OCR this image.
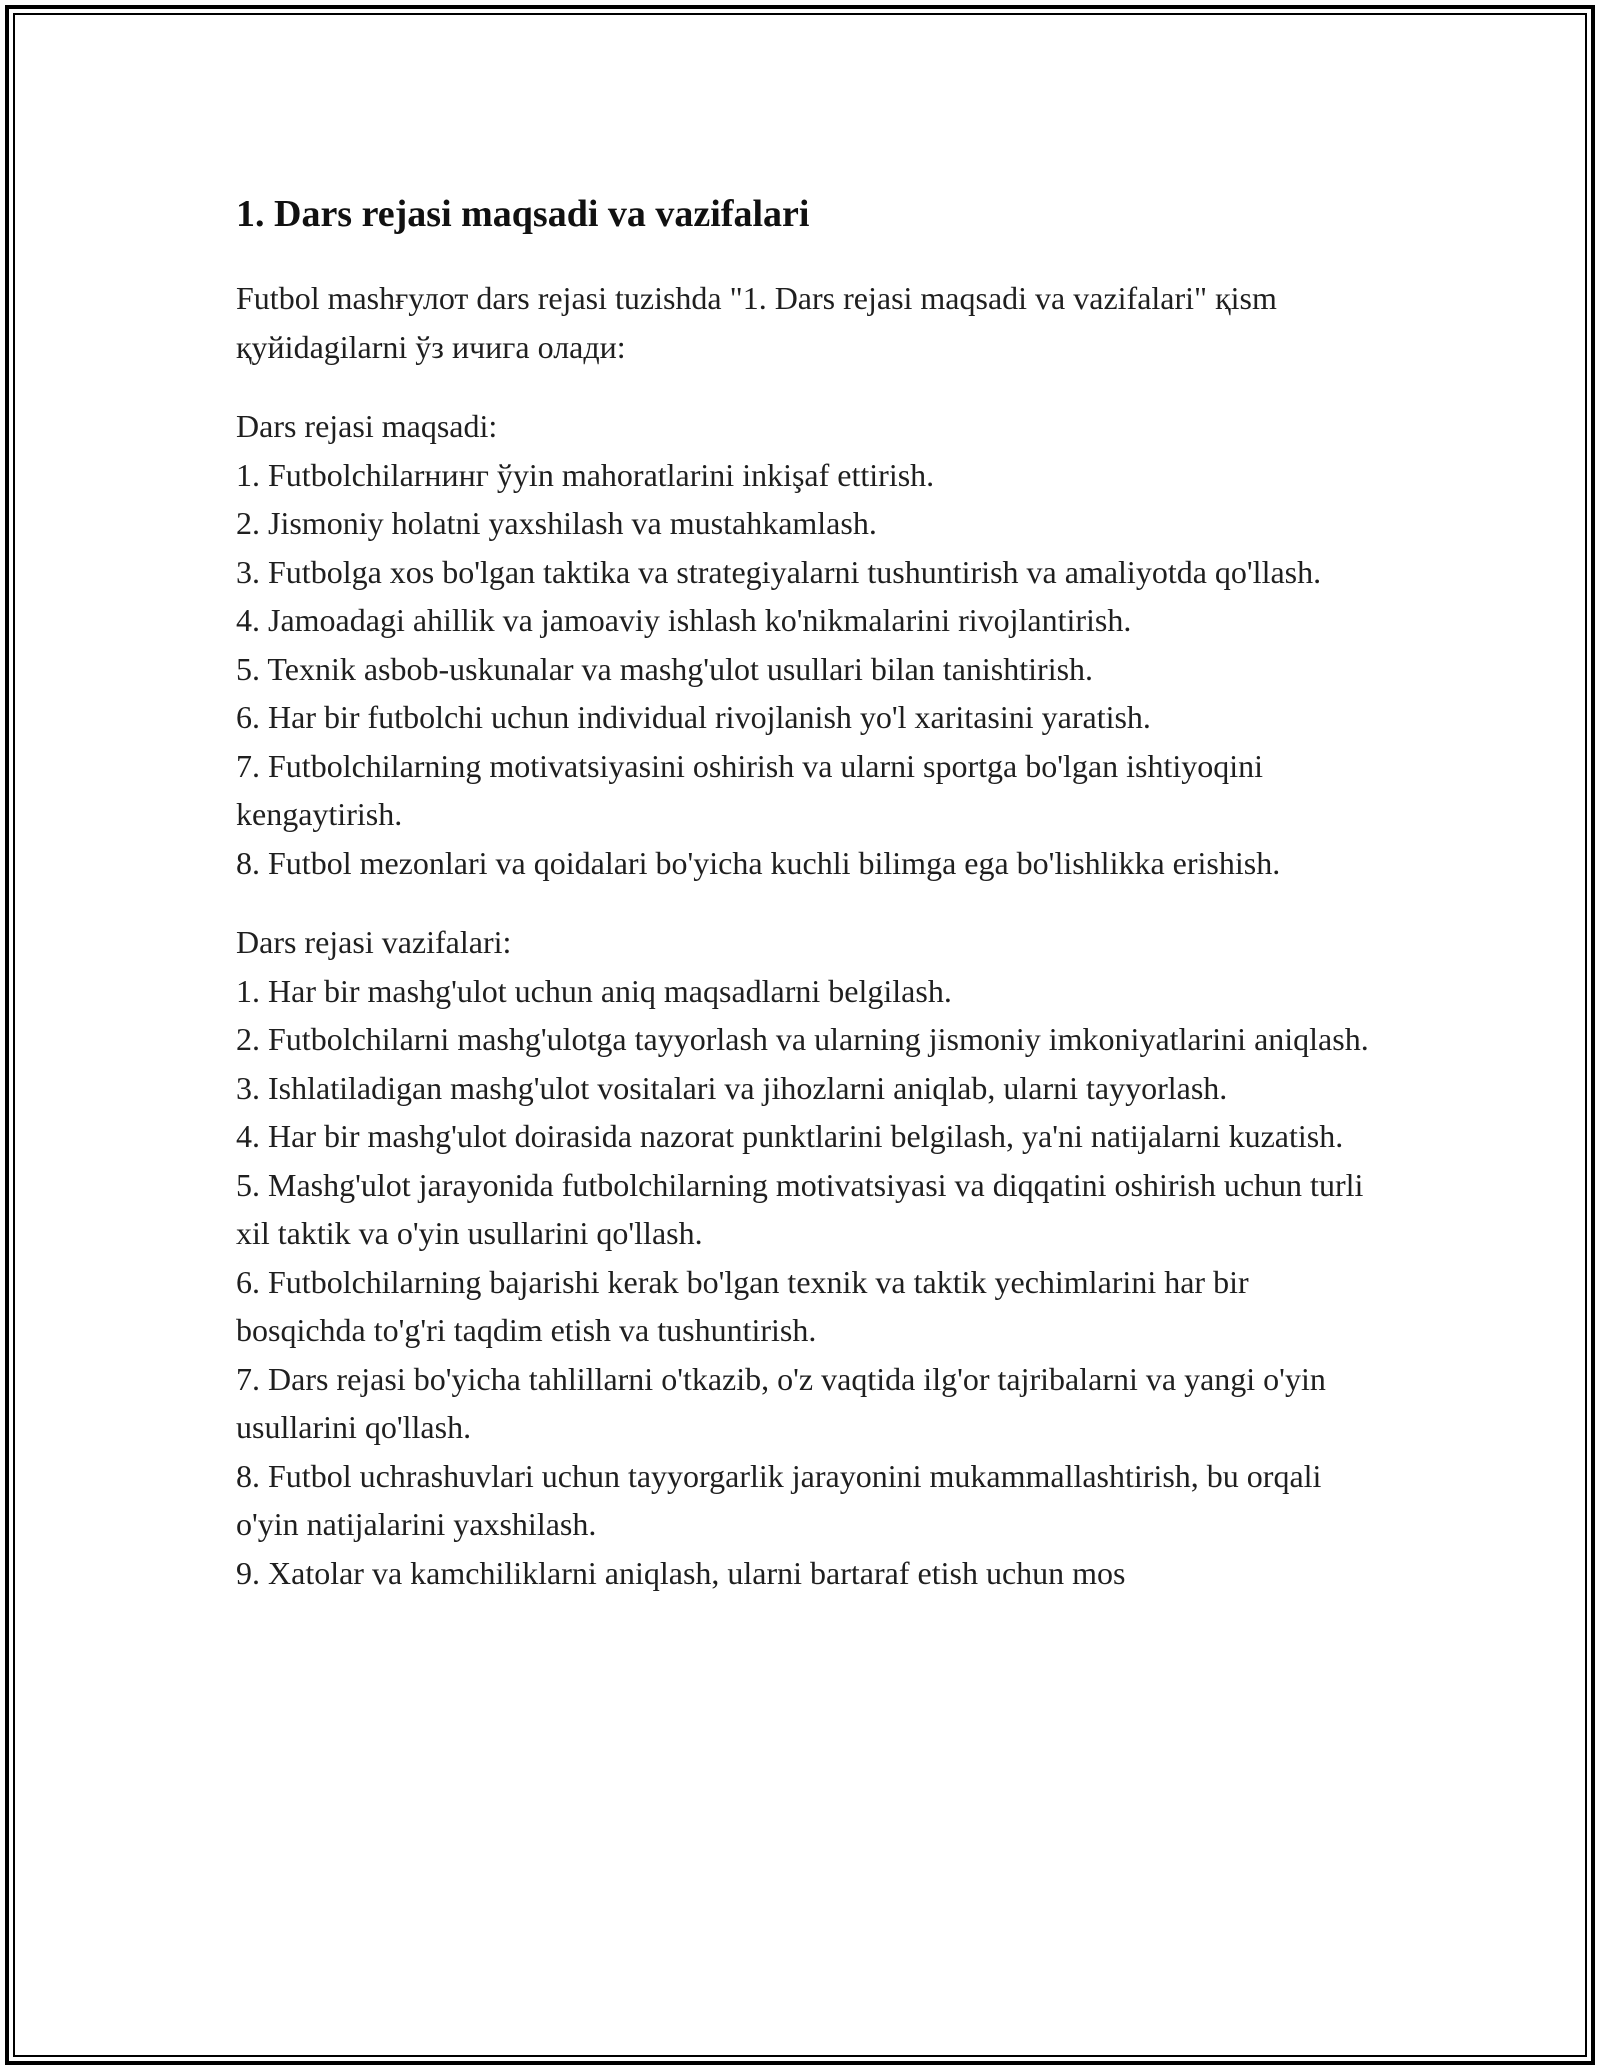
1. Dars rejasi maqsadi va vazifalari

Futbol mashғулот dars rejasi tuzishda "1. Dars rejasi maqsadi va vazifalari" қism қуйidagilarni ўз ичига олади:

Dars rejasi maqsadi:

1. Futbolchilarнинг ўyin mahoratlarini inkişaf ettirish.
2. Jismoniy holatni yaxshilash va mustahkamlash.
3. Futbolga xos bo'lgan taktika va strategiyalarni tushuntirish va amaliyotda qo'llash.
4. Jamoadagi ahillik va jamoaviy ishlash ko'nikmalarini rivojlantirish.
5. Texnik asbob-uskunalar va mashg'ulot usullari bilan tanishtirish.
6. Har bir futbolchi uchun individual rivojlanish yo'l xaritasini yaratish.
7. Futbolchilarning motivatsiyasini oshirish va ularni sportga bo'lgan ishtiyoqini kengaytirish.
8. Futbol mezonlari va qoidalari bo'yicha kuchli bilimga ega bo'lishlikka erishish.

Dars rejasi vazifalari:

1. Har bir mashg'ulot uchun aniq maqsadlarni belgilash.
2. Futbolchilarni mashg'ulotga tayyorlash va ularning jismoniy imkoniyatlarini aniqlash.
3. Ishlatiladigan mashg'ulot vositalari va jihozlarni aniqlab, ularni tayyorlash.
4. Har bir mashg'ulot doirasida nazorat punktlarini belgilash, ya'ni natijalarni kuzatish.
5. Mashg'ulot jarayonida futbolchilarning motivatsiyasi va diqqatini oshirish uchun turli xil taktik va o'yin usullarini qo'llash.
6. Futbolchilarning bajarishi kerak bo'lgan texnik va taktik yechimlarini har bir bosqichda to'g'ri taqdim etish va tushuntirish.
7. Dars rejasi bo'yicha tahlillarni o'tkazib, o'z vaqtida ilg'or tajribalarni va yangi o'yin usullarini qo'llash.
8. Futbol uchrashuvlari uchun tayyorgarlik jarayonini mukammallashtirish, bu orqali o'yin natijalarini yaxshilash.
9. Xatolar va kamchiliklarni aniqlash, ularni bartaraf etish uchun mos
